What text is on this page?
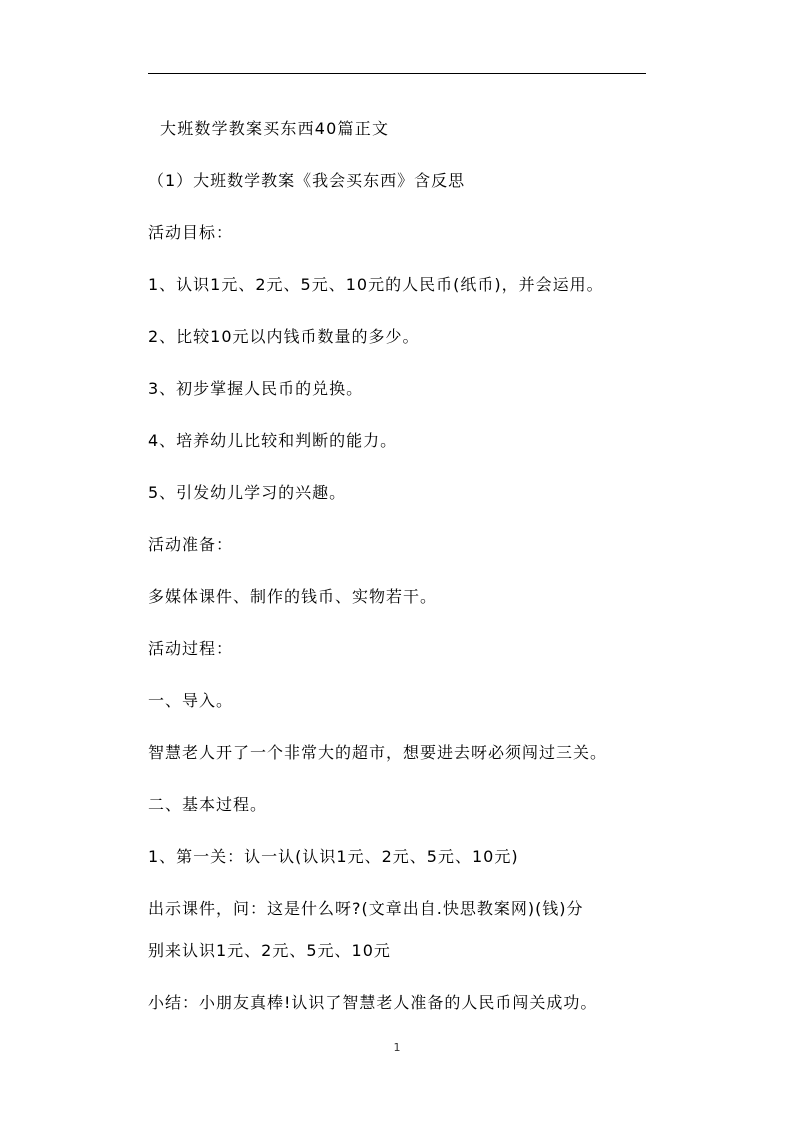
大班数学教案买东西40篇正文
（1）大班数学教案《我会买东西》含反思
活动目标：
1、认识1元、2元、5元、10元的人民币(纸币)，并会运用。
2、比较10元以内钱币数量的多少。
3、初步掌握人民币的兑换。
4、培养幼儿比较和判断的能力。
5、引发幼儿学习的兴趣。
活动准备：
多媒体课件、制作的钱币、实物若干。
活动过程：
一、导入。
智慧老人开了一个非常大的超市，想要进去呀必须闯过三关。
二、基本过程。
1、第一关：认一认(认识1元、2元、5元、10元)
出示课件，问：这是什么呀?(文章出自.快思教案网)(钱)分
别来认识1元、2元、5元、10元
小结：小朋友真棒!认识了智慧老人准备的人民币闯关成功。
1
